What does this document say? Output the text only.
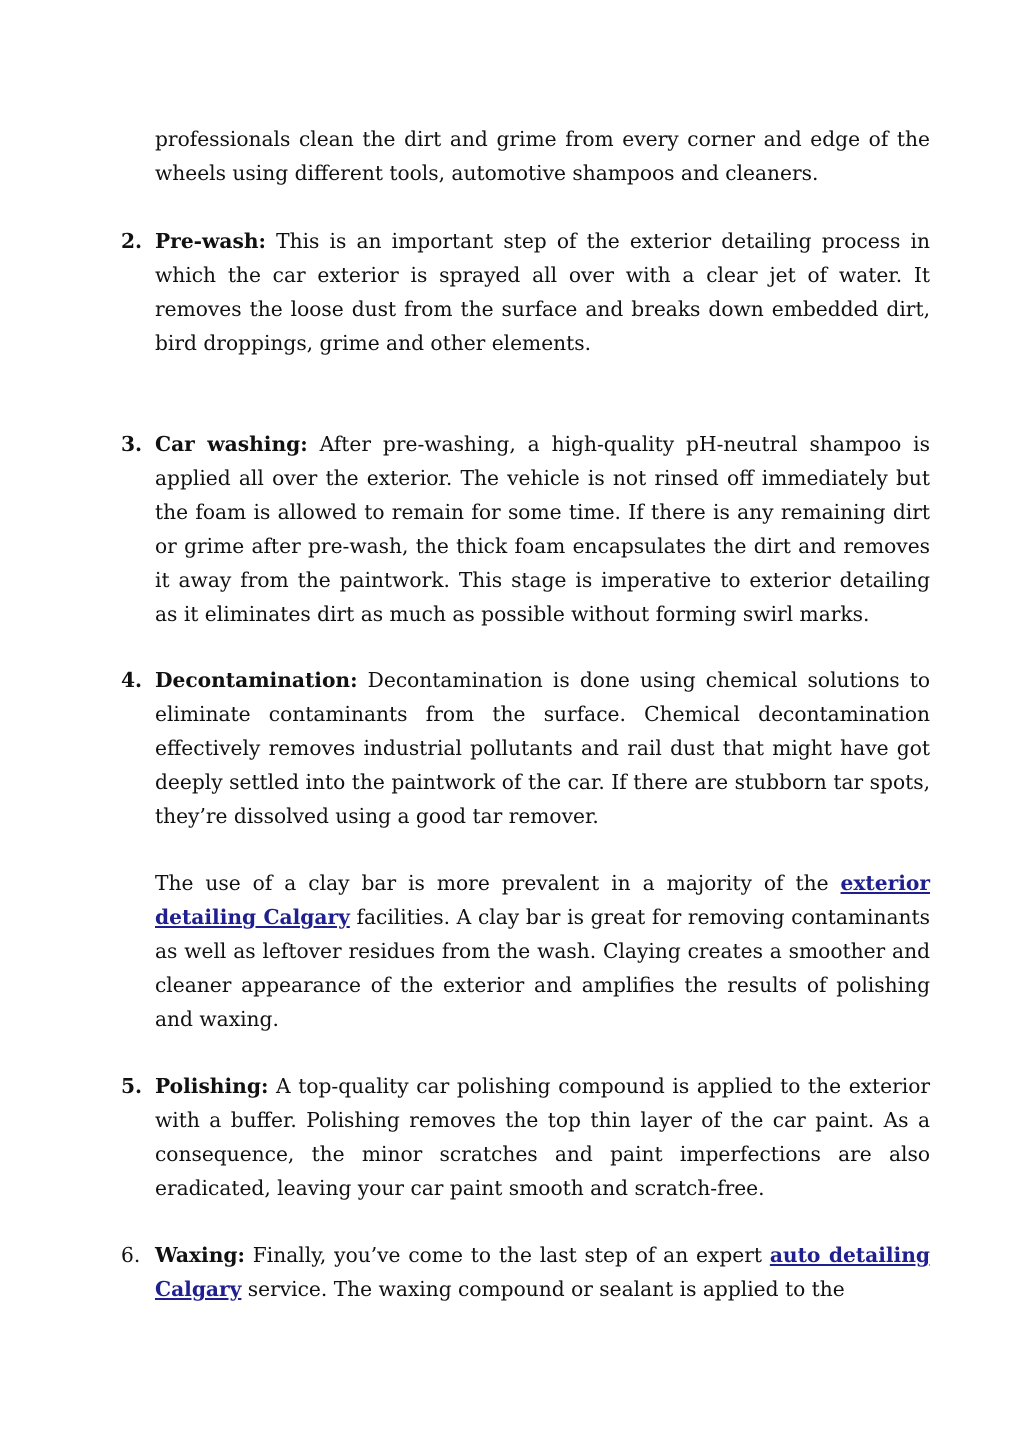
professionals clean the dirt and grime from every corner and edge of the wheels using different tools, automotive shampoos and cleaners.

2. Pre-wash: This is an important step of the exterior detailing process in which the car exterior is sprayed all over with a clear jet of water. It removes the loose dust from the surface and breaks down embedded dirt, bird droppings, grime and other elements.

3. Car washing: After pre-washing, a high-quality pH-neutral shampoo is applied all over the exterior. The vehicle is not rinsed off immediately but the foam is allowed to remain for some time. If there is any remaining dirt or grime after pre-wash, the thick foam encapsulates the dirt and removes it away from the paintwork. This stage is imperative to exterior detailing as it eliminates dirt as much as possible without forming swirl marks.

4. Decontamination: Decontamination is done using chemical solutions to eliminate contaminants from the surface. Chemical decontamination effectively removes industrial pollutants and rail dust that might have got deeply settled into the paintwork of the car. If there are stubborn tar spots, they’re dissolved using a good tar remover.

The use of a clay bar is more prevalent in a majority of the exterior detailing Calgary facilities. A clay bar is great for removing contaminants as well as leftover residues from the wash. Claying creates a smoother and cleaner appearance of the exterior and amplifies the results of polishing and waxing.

5. Polishing: A top-quality car polishing compound is applied to the exterior with a buffer. Polishing removes the top thin layer of the car paint. As a consequence, the minor scratches and paint imperfections are also eradicated, leaving your car paint smooth and scratch-free.

6. Waxing: Finally, you’ve come to the last step of an expert auto detailing Calgary service. The waxing compound or sealant is applied to the
